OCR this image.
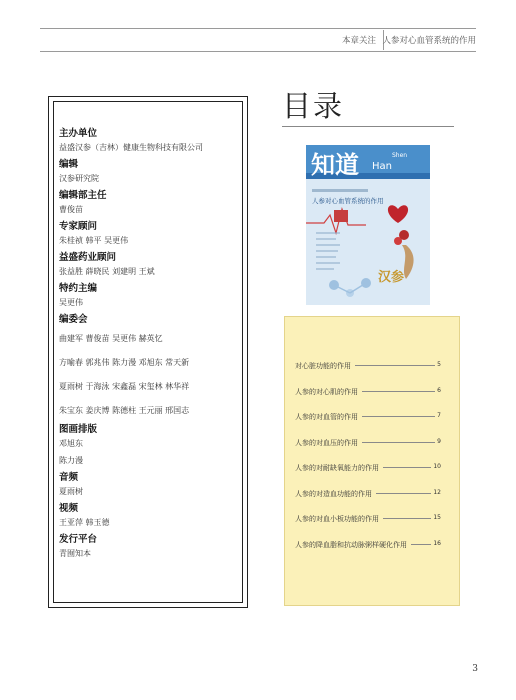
本章关注 人参对心血管系统的作用
主办单位
益盛汉参（吉林）健康生物科技有限公司
编辑
汉参研究院
编辑部主任
曹俊苗
专家顾问
朱桂祯 韩平 吴更伟
益盛药业顾问
张益胜 薛晓民 刘建明 王斌
特约主编
吴更伟
编委会
曲建军 曹俊苗 吴更伟 赫英忆
方喻春 郭兆伟 陈力漫 邓旭东 常天新
夏雨树 于海泳 宋鑫磊 宋玺林 林华祥
朱宝东 姜庆博 陈德柱 王元丽 邢国志
图画排版
邓旭东
陈力漫
音频
夏雨树
视频
王亚萍 韩玉德
发行平台
青囿知本
目录
知道 Han
Shen
人参对心血管系统的作用
汉参
对心脏功能的作用	5
人参的对心肌的作用	6
人参的对血管的作用	7
人参的对血压的作用	9
人参的对耐缺氧能力的作用	10
人参的对造血功能的作用	12
人参的对血小板功能的作用	15
人参的降血脂和抗动脉粥样硬化作用	16
3
